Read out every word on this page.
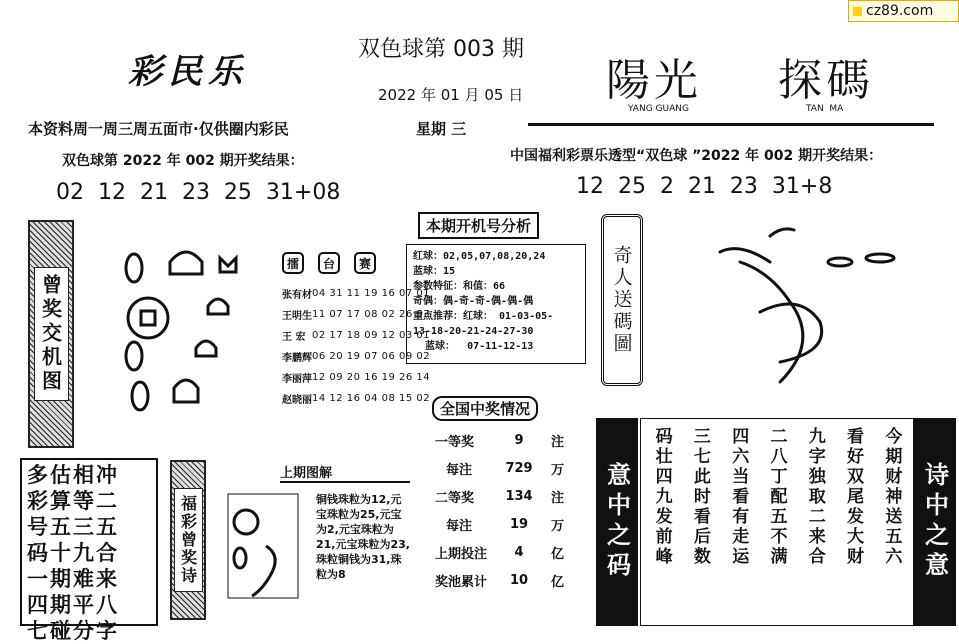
cz89.com
彩民乐
双色球第 003 期
2022 年 01 月 05 日 陽光 探碼
YANG GUANG	TAN  MA
本资料周一周三周五面市·仅供圈内彩民	星期 三
双色球第 2022 年 002 期开奖结果：
02  12  21  23  25  31+08
中国福利彩票乐透型“双色球 ”2022 年 002 期开奖结果：
12  25  2  21  23  31+8
曾奖交机图
擂	台	赛
张有材	04 31 11 19 16 07 01
王明生	11 07 17 08 02 26 03
王 宏	02 17 18 09 12 03 01
李鹏辉	06 20 19 07 06 09 02
李丽萍	12 09 20 16 19 26 14
赵晓丽	14 12 16 04 08 15 02
本期开机号分析
红球：02,05,07,08,20,24
蓝球：15
参数特征：和值：66
奇偶：偶-奇-奇-偶-偶-偶
重点推荐：红球： 01-03-05-
13-18-20-21-24-27-30
蓝球：  07-11-12-13	奇人送碼圖
全国中奖情况
一等奖	9	注
每注	729	万
二等奖	134	注
每注	19	万
上期投注	4	亿
奖池累计	10	亿
上期图解
铜钱珠粒为12,元宝珠粒为25,元宝为2,元宝珠粒为21,元宝珠粒为23,珠粒铜钱为31,珠粒为8
多	估	相	冲
彩	算	等	二
号	五	三	五
码	十	九	合
一	期	难	来
四	期	平	八
七	碰	分	字
福彩曾奖诗	意中之码	今期财神送五六
看好双尾发大财
九字独取二来合
二八丁配五不满
四六当看有走运
三七此时看后数
码壮四九发前峰	诗中之意
